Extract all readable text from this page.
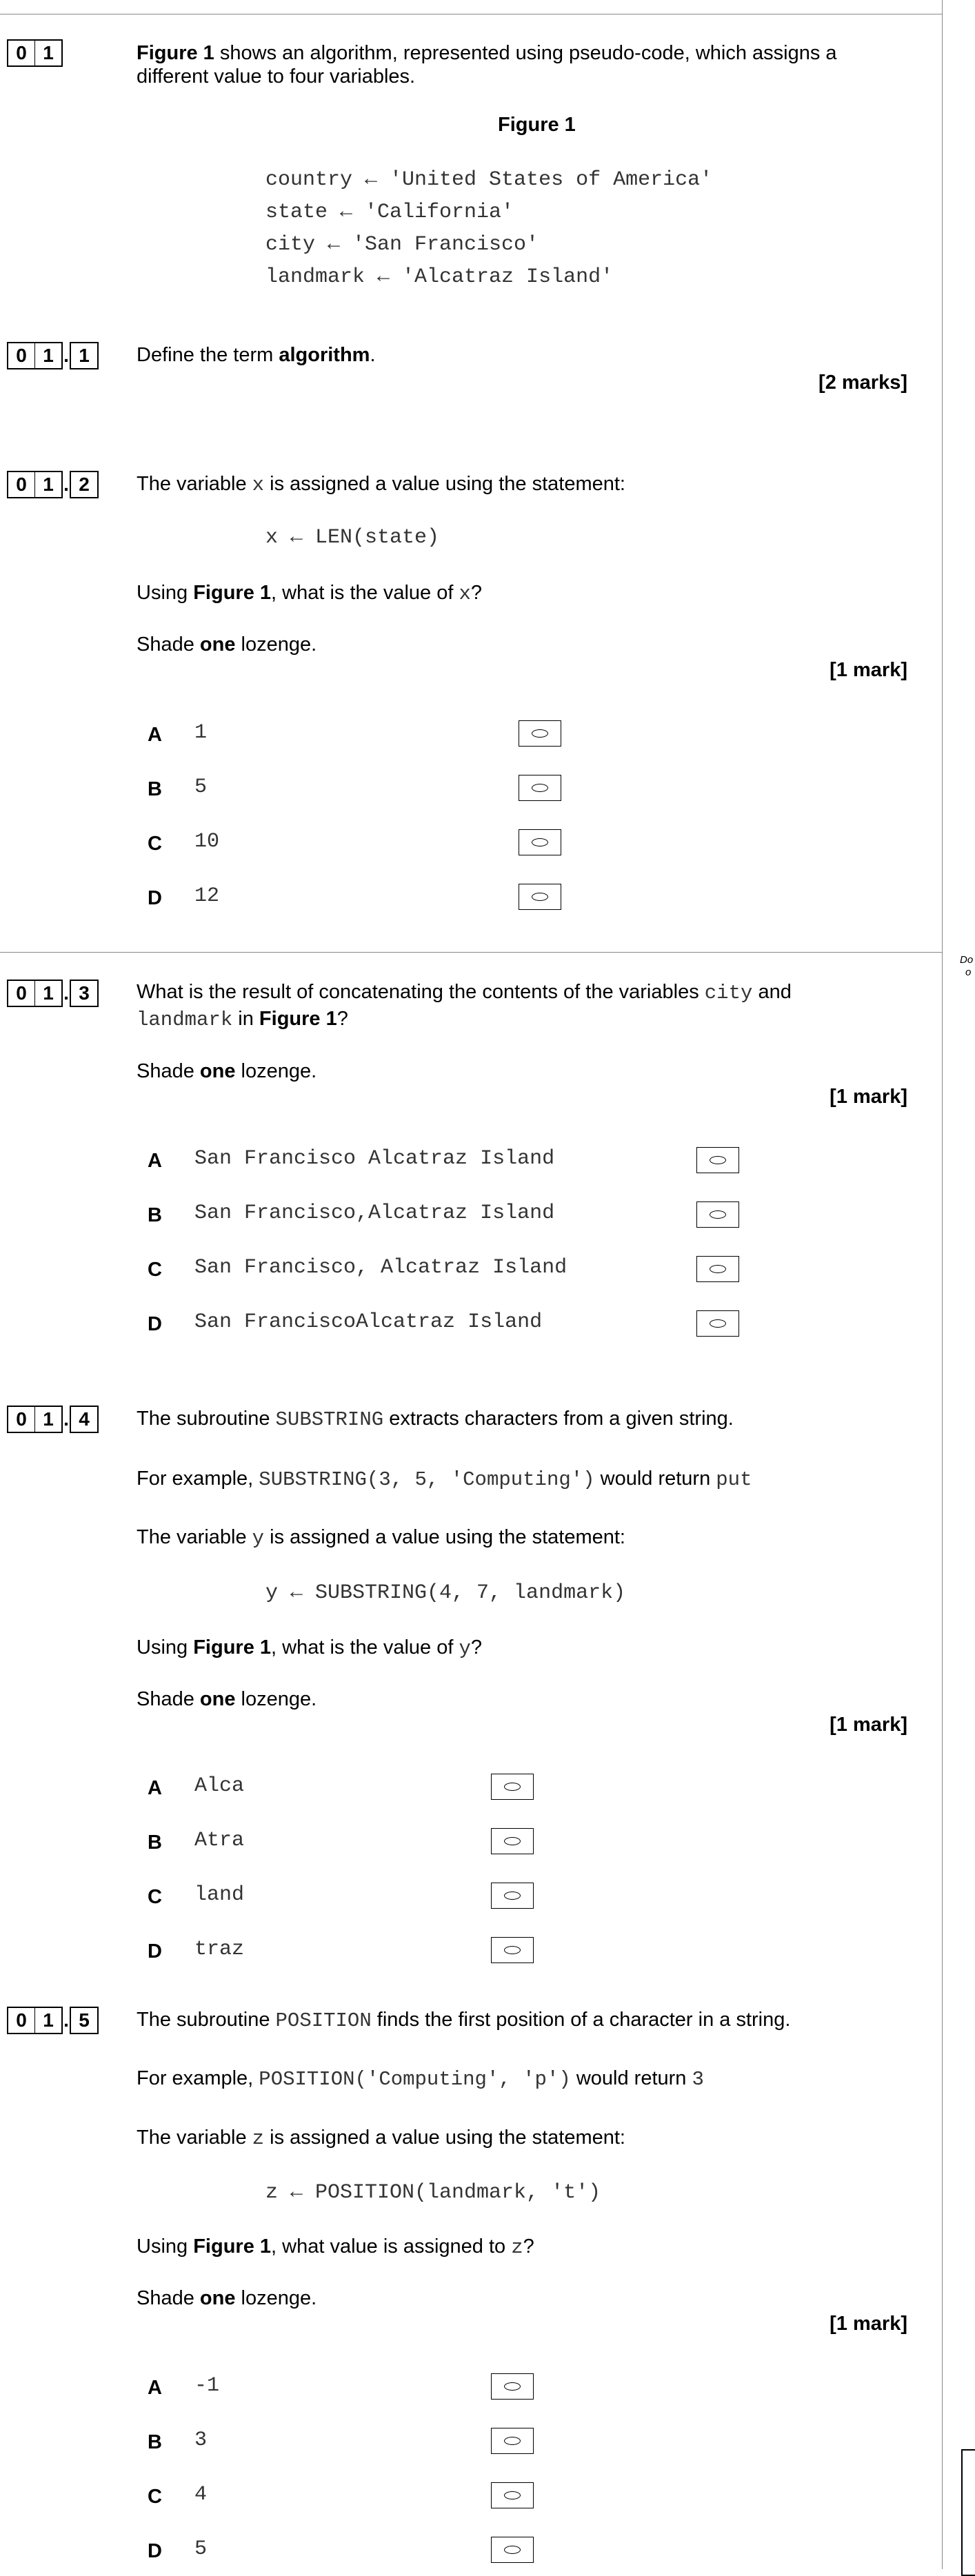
0 1	Figure 1 shows an algorithm, represented using pseudo-code, which assigns a
different value to four variables.
Figure 1
country ← 'United States of America'
state ← 'California'
city ← 'San Francisco'
landmark ← 'Alcatraz Island'
0 1 . 1	Define the term algorithm.
[2 marks]
0 1 . 2	The variable x is assigned a value using the statement:
x ← LEN(state)
Using Figure 1, what is the value of x?
Shade one lozenge.
[1 mark]
A 1
B 5
C 10
D 12
0 1 . 3	What is the result of concatenating the contents of the variables city and
landmark in Figure 1?
Shade one lozenge.
[1 mark]
A San Francisco Alcatraz Island
B San Francisco,Alcatraz Island
C San Francisco, Alcatraz Island
D San FranciscoAlcatraz Island
0 1 . 4	The subroutine SUBSTRING extracts characters from a given string.
For example, SUBSTRING(3, 5, 'Computing') would return put
The variable y is assigned a value using the statement:
y ← SUBSTRING(4, 7, landmark)
Using Figure 1, what is the value of y?
Shade one lozenge.
[1 mark]
A Alca
B Atra
C land
D traz
0 1 . 5	The subroutine POSITION finds the first position of a character in a string.
For example, POSITION('Computing', 'p') would return 3
The variable z is assigned a value using the statement:
z ← POSITION(landmark, 't')
Using Figure 1, what value is assigned to z?
Shade one lozenge.
[1 mark]
A -1
B 3
C 4
D 5
Do
o
